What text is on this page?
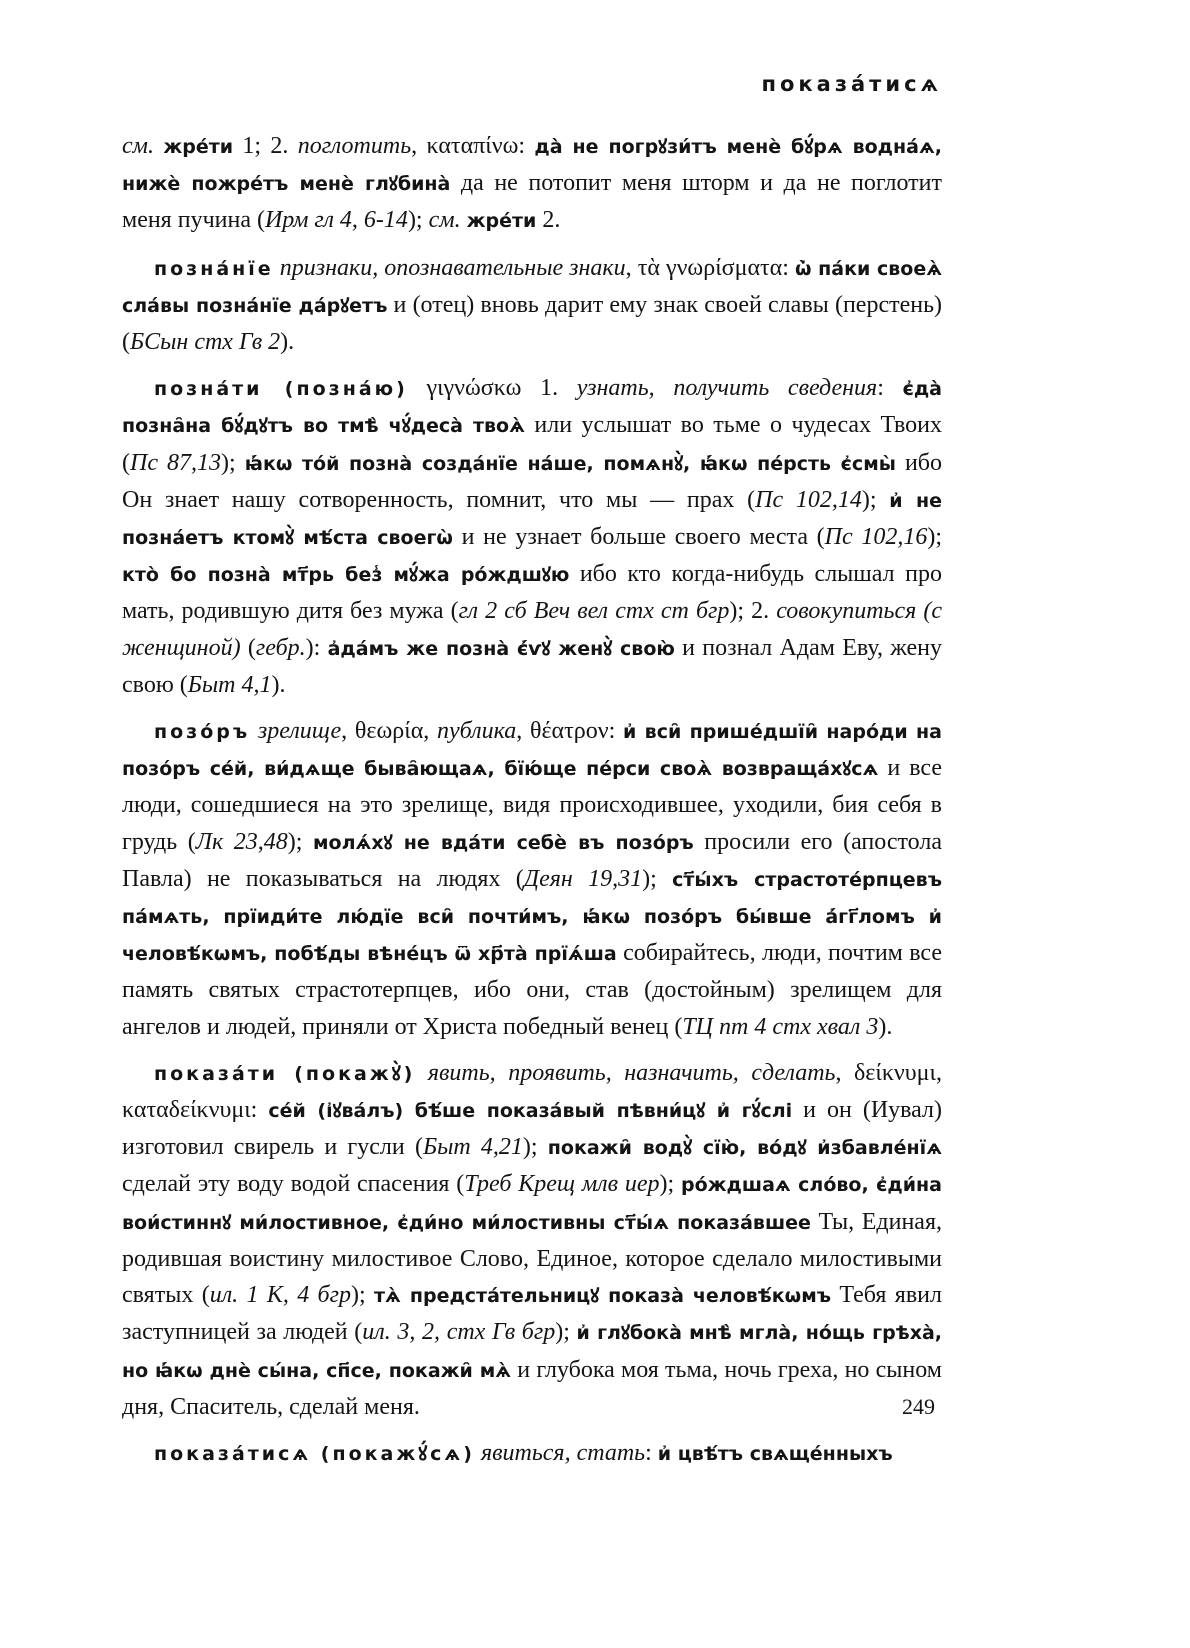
показа́тисѧ

см. жре́ти 1; 2. поглотить, καταπίνω: да̀ не погрꙋзи́тъ менѐ бꙋ́рѧ водна́ѧ, нижѐ пожре́тъ менѐ глꙋбина̀ да не потопит меня шторм и да не поглотит меня пучина (Ирм гл 4, 6-14); см. жре́ти 2.

позна́нїе признаки, опознавательные знаки, τὰ γνωρίσματα: ѡ҆̀ па́ки своеѧ̀ сла́вы позна́нїе да́рꙋетъ и (отец) вновь дарит ему знак своей славы (перстень) (БСын стх Гв 2).

позна́ти (позна́ю) γιγνώσκω 1. узнать, получить сведения: є҆да̀ позна̑на бꙋ́дꙋтъ во тмѣ̀ чꙋ́деса̀ твоѧ̀ или услышат во тьме о чудесах Твоих (Пс 87,13); ꙗ҆́кѡ то́й позна̀ созда́нїе на́ше, помѧнꙋ̀, ꙗ҆́кѡ пе́рсть є҆смы̀ ибо Он знает нашу сотворенность, помнит, что мы — прах (Пс 102,14); и҆ не позна́етъ ктомꙋ̀ мѣ́ста своегѡ̀ и не узнает больше своего места (Пс 102,16); кто̀ бо позна̀ мт҃рь без̾ мꙋ́жа ро́ждшꙋю ибо кто когда-нибудь слышал про мать, родившую дитя без мужа (гл 2 сб Веч вел стх ст бгр); 2. совокупиться (с женщиной) (гебр.): а҆да́мъ же позна̀ є҆́ѵꙋ женꙋ̀ свою̀ и познал Адам Еву, жену свою (Быт 4,1).

позо́ръ зрелище, θεωρία, публика, θέατρον: и҆ вси̑ прише́дшїи̑ наро́ди на позо́ръ се́й, ви́дѧще быва̑ющаѧ, бїю́ще пе́рси своѧ̀ возвраща́хꙋсѧ и все люди, сошедшиеся на это зрелище, видя происходившее, уходили, бия себя в грудь (Лк 23,48); молѧ́хꙋ не вда́ти себѐ въ позо́ръ просили его (апостола Павла) не показываться на людях (Деян 19,31); ст҃ы́хъ страстоте́рпцевъ па́мѧть, прїиди́те лю́дїе вси̑ почти́мъ, ꙗ҆́кѡ позо́ръ бы́вше а҆́гг҃ломъ и҆ человѣ́кѡмъ, побѣ́ды вѣне́цъ ѿ хр҃та̀ прїѧ́ша собирайтесь, люди, почтим все память святых страстотерпцев, ибо они, став (достойным) зрелищем для ангелов и людей, приняли от Христа победный венец (ТЦ пт 4 стх хвал 3).

показа́ти (покажꙋ̀) явить, проявить, назначить, сделать, δείκνυμι, καταδείκνυμι: се́й (і҆ꙋва́лъ) бѣ́ше показа́вый пѣвни́цꙋ и҆ гꙋ́слі и он (Иувал) изготовил свирель и гусли (Быт 4,21); покажи̑ водꙋ̀ сїю̀, во́дꙋ и҆збавле́нїѧ сделай эту воду водой спасения (Треб Крещ млв иер); ро́ждшаѧ сло́во, є҆ди́на вои́стиннꙋ ми́лостивное, є҆ди́но ми́лостивны ст҃ы́ѧ показа́вшее Ты, Единая, родившая воистину милостивое Слово, Единое, которое сделало милостивыми святых (ил. 1 К, 4 бгр); тѧ̀ предста́тельницꙋ показа̀ человѣ́кѡмъ Тебя явил заступницей за людей (ил. 3, 2, стх Гв бгр); и҆ глꙋбока̀ мнѣ̀ мгла̀, но́щь грѣха̀, но ꙗ҆́кѡ днѐ сы́на, сп҃се, покажи̑ мѧ̀ и глубока моя тьма, ночь греха, но сыном дня, Спаситель, сделай меня.

показа́тисѧ (покажꙋ́сѧ) явиться, стать: и҆ цвѣ́тъ свѧще́нныхъ

249
